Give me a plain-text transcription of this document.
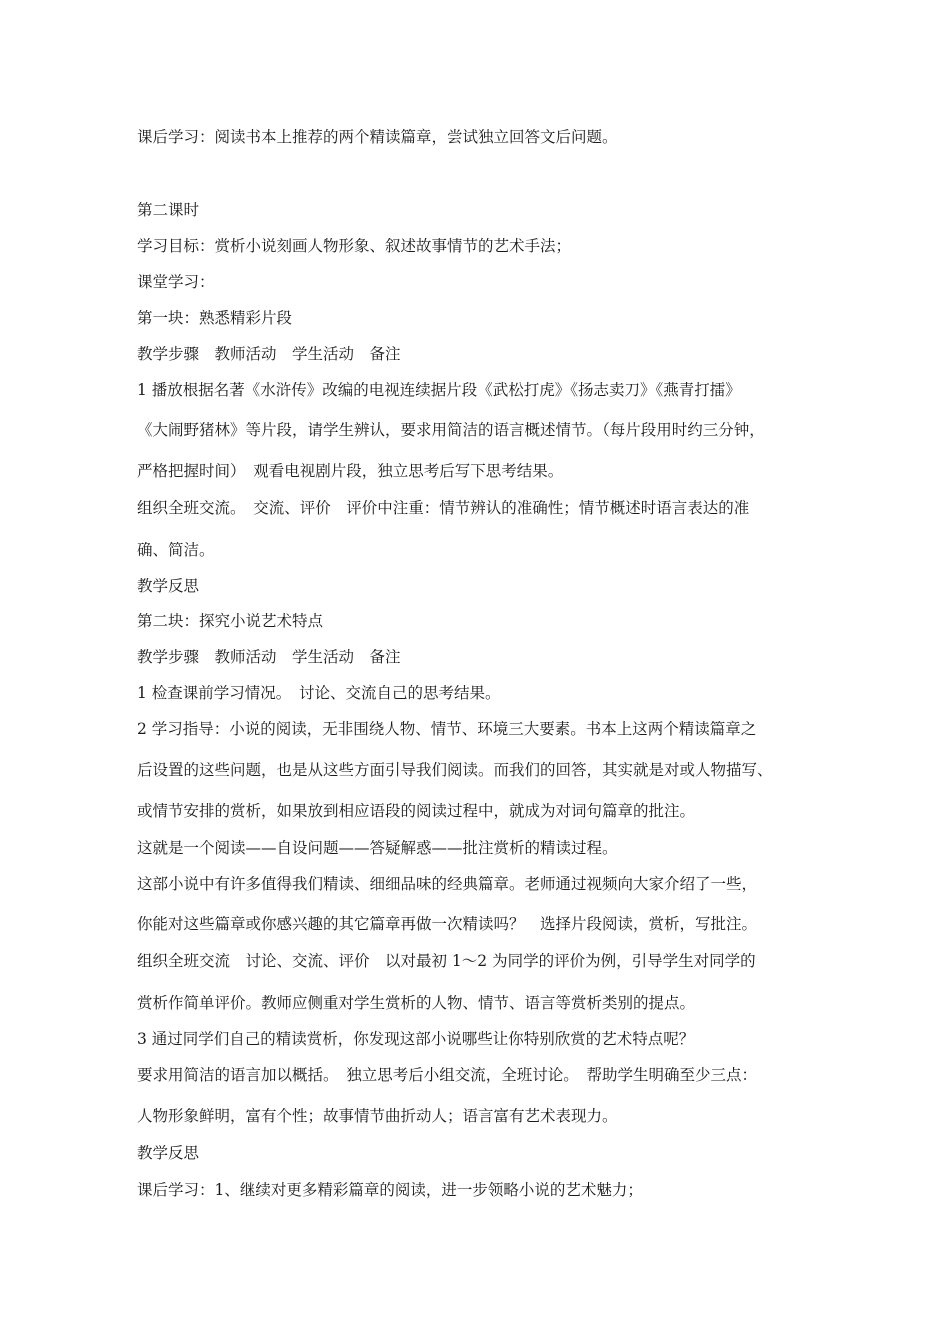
课后学习：阅读书本上推荐的两个精读篇章，尝试独立回答文后问题。
第二课时
学习目标：赏析小说刻画人物形象、叙述故事情节的艺术手法；
课堂学习：
第一块：熟悉精彩片段
教学步骤　教师活动　学生活动　备注
1 播放根据名著《水浒传》改编的电视连续据片段《武松打虎》《扬志卖刀》《燕青打擂》
《大闹野猪林》等片段，请学生辨认，要求用简洁的语言概述情节。（每片段用时约三分钟，
严格把握时间）　观看电视剧片段，独立思考后写下思考结果。
组织全班交流。　交流、评价　评价中注重：情节辨认的准确性；情节概述时语言表达的准
确、简洁。
教学反思
第二块：探究小说艺术特点
教学步骤　教师活动　学生活动　备注
1 检查课前学习情况。　讨论、交流自己的思考结果。
2 学习指导：小说的阅读，无非围绕人物、情节、环境三大要素。书本上这两个精读篇章之
后设置的这些问题，也是从这些方面引导我们阅读。而我们的回答，其实就是对或人物描写、
或情节安排的赏析，如果放到相应语段的阅读过程中，就成为对词句篇章的批注。
这就是一个阅读——自设问题——答疑解惑——批注赏析的精读过程。
这部小说中有许多值得我们精读、细细品味的经典篇章。老师通过视频向大家介绍了一些，
你能对这些篇章或你感兴趣的其它篇章再做一次精读吗？　选择片段阅读，赏析，写批注。
组织全班交流　讨论、交流、评价　以对最初 1～2 为同学的评价为例，引导学生对同学的
赏析作简单评价。教师应侧重对学生赏析的人物、情节、语言等赏析类别的提点。
3 通过同学们自己的精读赏析，你发现这部小说哪些让你特别欣赏的艺术特点呢？
要求用简洁的语言加以概括。　独立思考后小组交流，全班讨论。　帮助学生明确至少三点：
人物形象鲜明，富有个性；故事情节曲折动人；语言富有艺术表现力。
教学反思
课后学习：1、继续对更多精彩篇章的阅读，进一步领略小说的艺术魅力；
